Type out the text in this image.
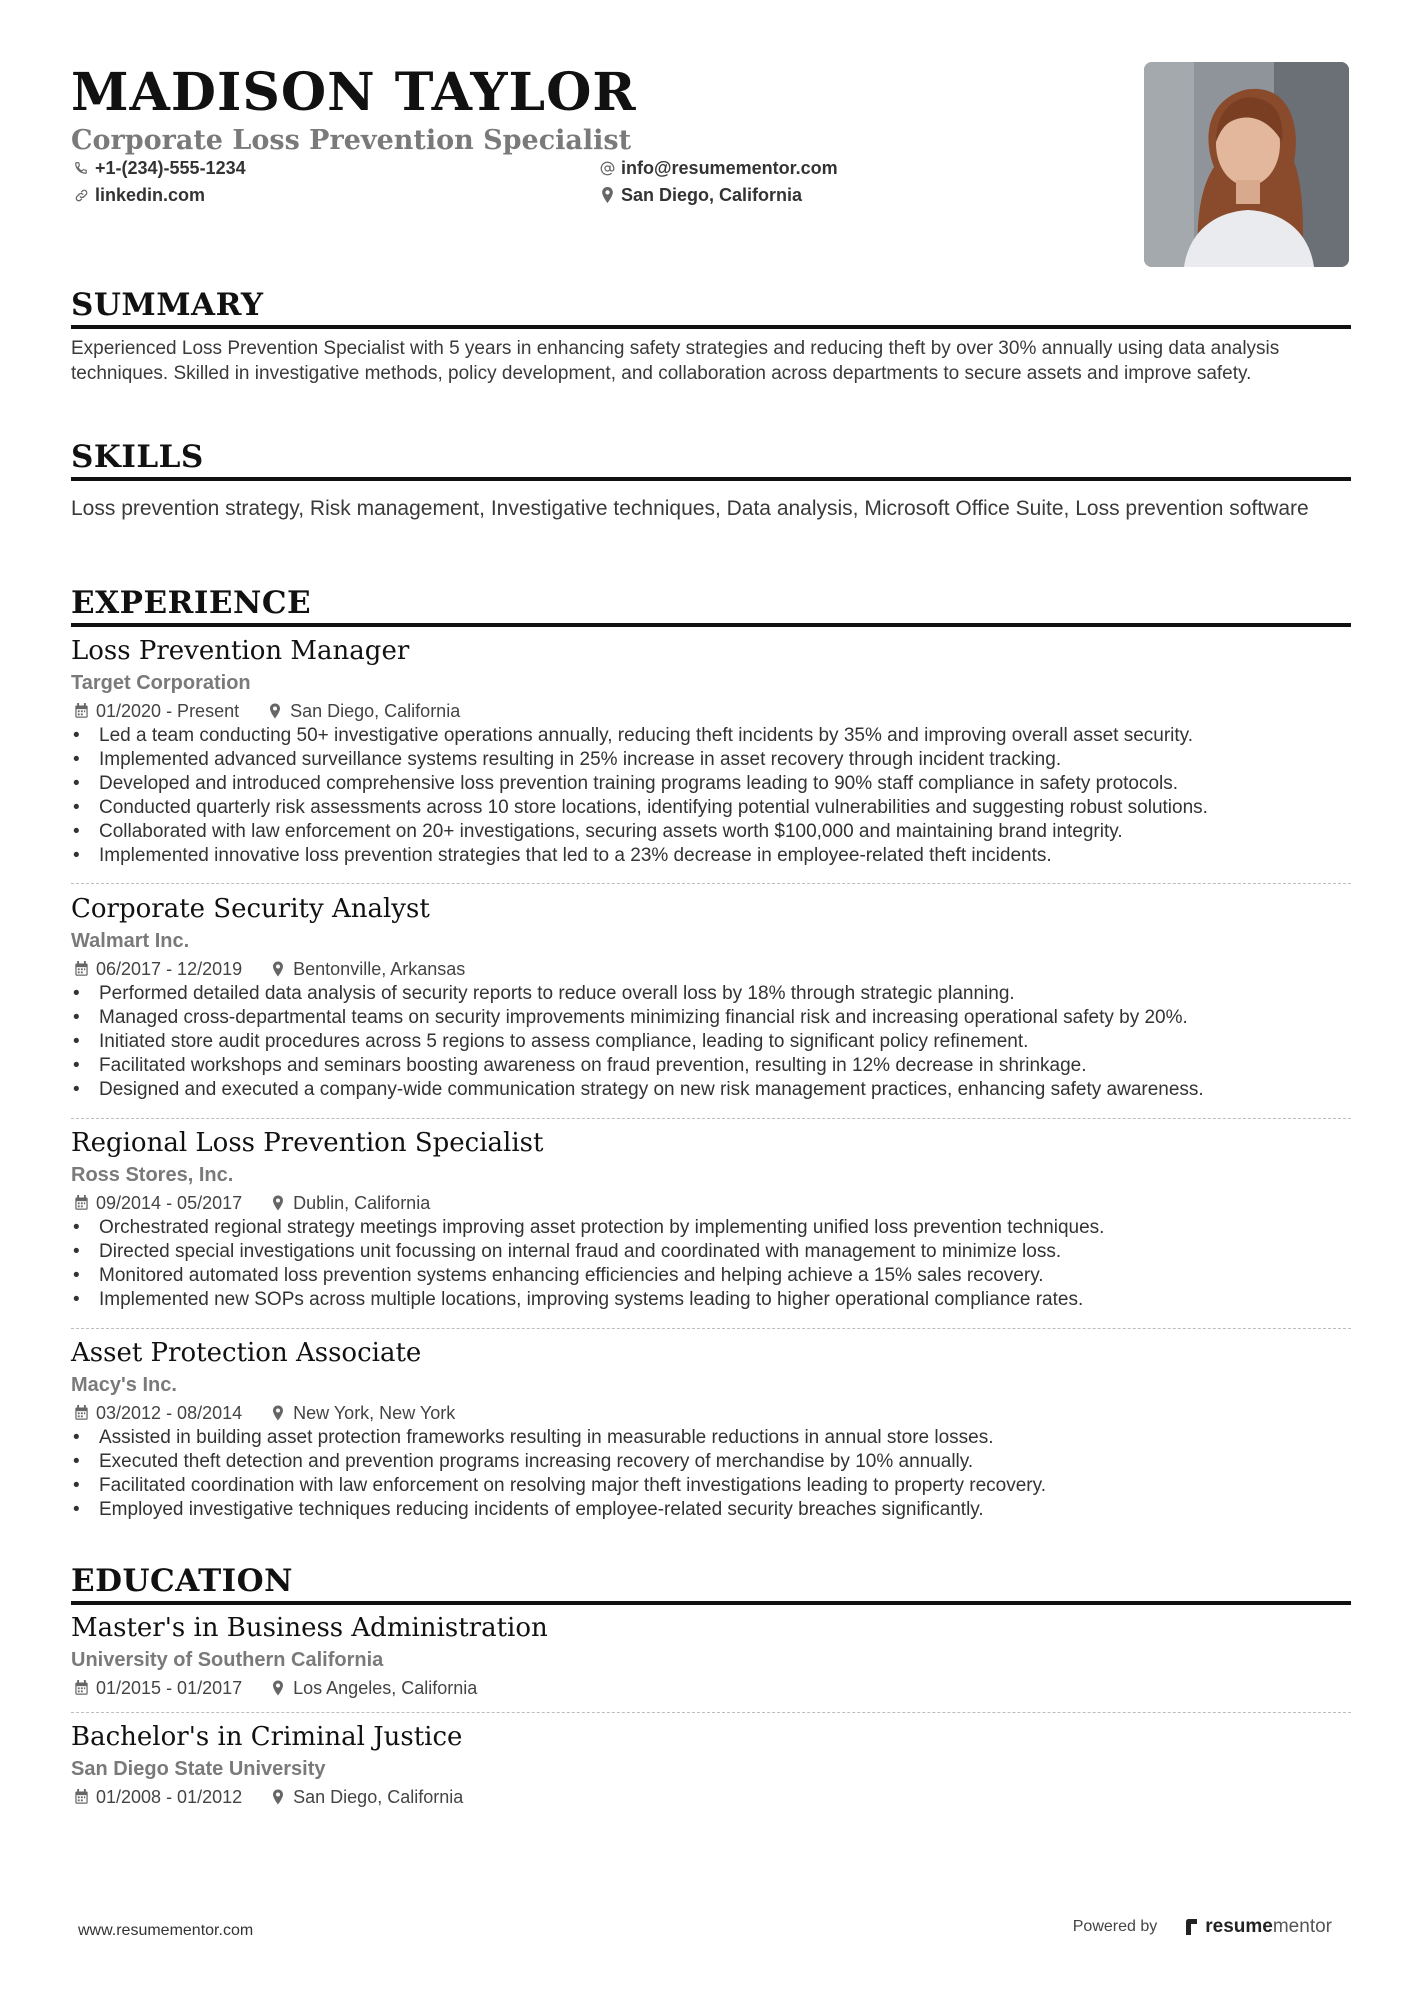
MADISON TAYLOR
Corporate Loss Prevention Specialist
+1-(234)-555-1234
linkedin.com
info@resumementor.com
San Diego, California
SUMMARY
Experienced Loss Prevention Specialist with 5 years in enhancing safety strategies and reducing theft by over 30% annually using data analysis techniques. Skilled in investigative methods, policy development, and collaboration across departments to secure assets and improve safety.
SKILLS
Loss prevention strategy, Risk management, Investigative techniques, Data analysis, Microsoft Office Suite, Loss prevention software
EXPERIENCE
Loss Prevention Manager
Target Corporation
01/2020 - Present	San Diego, California
• Led a team conducting 50+ investigative operations annually, reducing theft incidents by 35% and improving overall asset security.
• Implemented advanced surveillance systems resulting in 25% increase in asset recovery through incident tracking.
• Developed and introduced comprehensive loss prevention training programs leading to 90% staff compliance in safety protocols.
• Conducted quarterly risk assessments across 10 store locations, identifying potential vulnerabilities and suggesting robust solutions.
• Collaborated with law enforcement on 20+ investigations, securing assets worth $100,000 and maintaining brand integrity.
• Implemented innovative loss prevention strategies that led to a 23% decrease in employee-related theft incidents.
Corporate Security Analyst
Walmart Inc.
06/2017 - 12/2019	Bentonville, Arkansas
• Performed detailed data analysis of security reports to reduce overall loss by 18% through strategic planning.
• Managed cross-departmental teams on security improvements minimizing financial risk and increasing operational safety by 20%.
• Initiated store audit procedures across 5 regions to assess compliance, leading to significant policy refinement.
• Facilitated workshops and seminars boosting awareness on fraud prevention, resulting in 12% decrease in shrinkage.
• Designed and executed a company-wide communication strategy on new risk management practices, enhancing safety awareness.
Regional Loss Prevention Specialist
Ross Stores, Inc.
09/2014 - 05/2017	Dublin, California
• Orchestrated regional strategy meetings improving asset protection by implementing unified loss prevention techniques.
• Directed special investigations unit focussing on internal fraud and coordinated with management to minimize loss.
• Monitored automated loss prevention systems enhancing efficiencies and helping achieve a 15% sales recovery.
• Implemented new SOPs across multiple locations, improving systems leading to higher operational compliance rates.
Asset Protection Associate
Macy's Inc.
03/2012 - 08/2014	New York, New York
• Assisted in building asset protection frameworks resulting in measurable reductions in annual store losses.
• Executed theft detection and prevention programs increasing recovery of merchandise by 10% annually.
• Facilitated coordination with law enforcement on resolving major theft investigations leading to property recovery.
• Employed investigative techniques reducing incidents of employee-related security breaches significantly.
EDUCATION
Master's in Business Administration
University of Southern California
01/2015 - 01/2017	Los Angeles, California
Bachelor's in Criminal Justice
San Diego State University
01/2008 - 01/2012	San Diego, California
www.resumementor.com	Powered by	resume mentor
